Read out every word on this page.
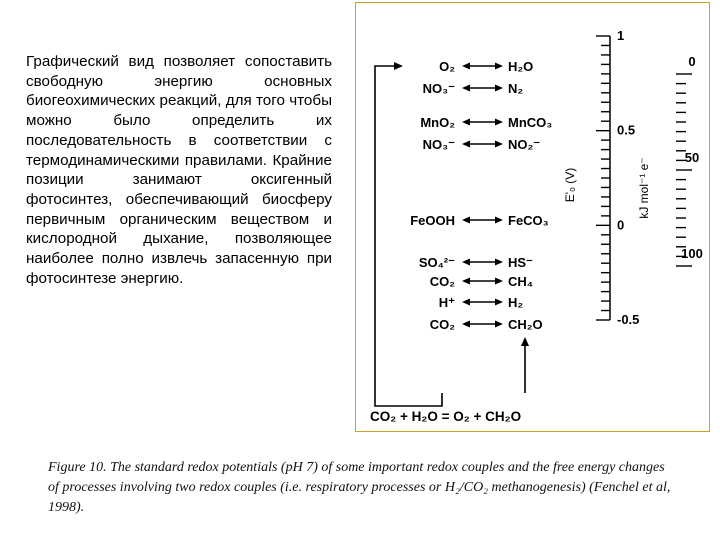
Графический вид позволяет сопоставить свободную энергию основных биогеохимических реакций, для того чтобы можно было определить их последовательность в соответствии с термодинамическими правилами. Крайние позиции занимают оксигенный фотосинтез, обеспечивающий биосферу первичным органическим веществом и кислородной дыхание, позволяющее наиболее полно извлечь запасенную при фотосинтезе энергию.

1
0.5
0
-0.5
0
50
100
O₂	H₂O
NO₃⁻	N₂
MnO₂	MnCO₃
NO₃⁻	NO₂⁻
FeOOH	FeCO₃
SO₄²⁻	HS⁻
CO₂	CH₄
H⁺	H₂
CO₂	CH₂O
CO₂ + H₂O = O₂ + CH₂O
E'₀ (V)	kJ mol⁻¹ e⁻

Figure 10. The standard redox potentials (pH 7) of some important redox couples and the free energy changes of processes involving two redox couples (i.e. respiratory processes or H₂/CO₂ methanogenesis) (Fenchel et al, 1998).
